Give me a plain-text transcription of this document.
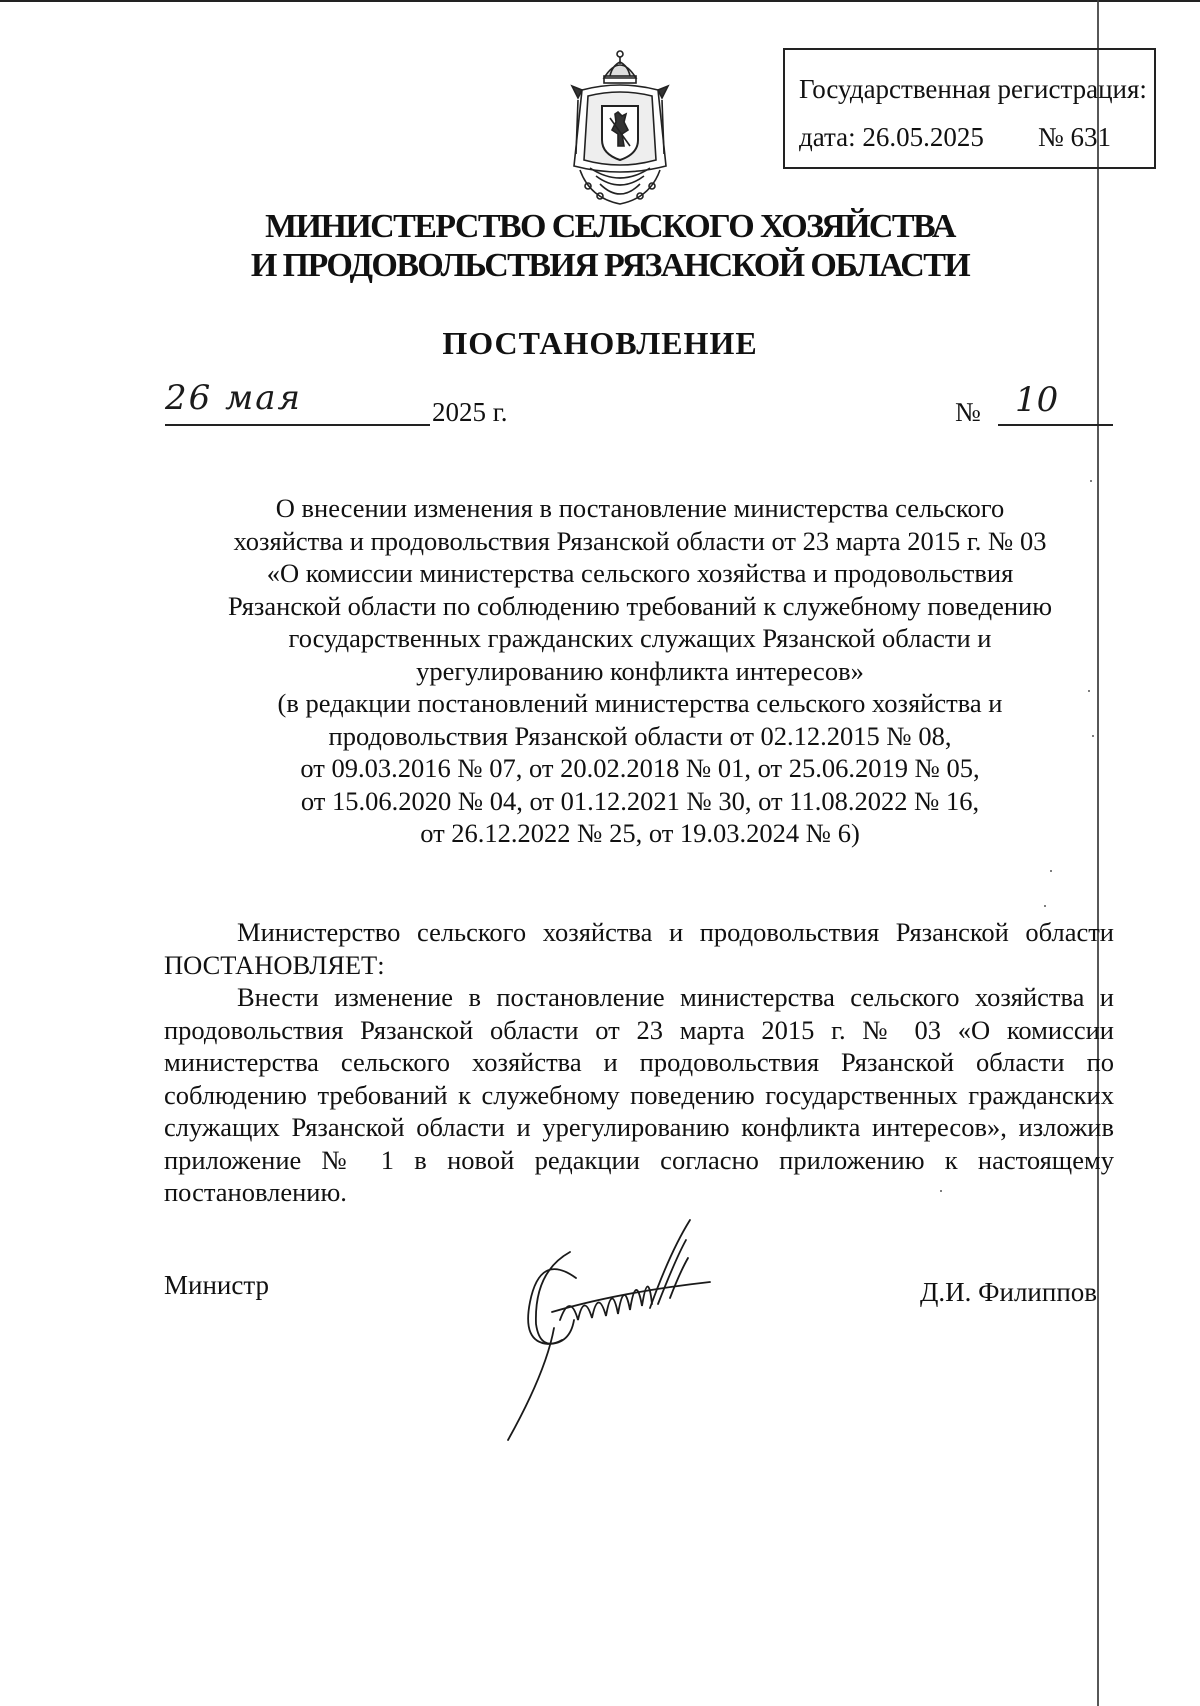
Государственная регистрация:
дата: 26.05.2025 № 631
МИНИСТЕРСТВО СЕЛЬСКОГО ХОЗЯЙСТВА
И ПРОДОВОЛЬСТВИЯ РЯЗАНСКОЙ ОБЛАСТИ
ПОСТАНОВЛЕНИЕ
26 мая	2025 г.	№ 10
О внесении изменения в постановление министерства сельского
хозяйства и продовольствия Рязанской области от 23 марта 2015 г. № 03
«О комиссии министерства сельского хозяйства и продовольствия
Рязанской области по соблюдению требований к служебному поведению
государственных гражданских служащих Рязанской области и
урегулированию конфликта интересов»
(в редакции постановлений министерства сельского хозяйства и
продовольствия Рязанской области от 02.12.2015 № 08,
от 09.03.2016 № 07, от 20.02.2018 № 01, от 25.06.2019 № 05,
от 15.06.2020 № 04, от 01.12.2021 № 30, от 11.08.2022 № 16,
от 26.12.2022 № 25, от 19.03.2024 № 6)

Министерство сельского хозяйства и продовольствия Рязанской области ПОСТАНОВЛЯЕТ:

Внести изменение в постановление министерства сельского хозяйства и продовольствия Рязанской области от 23 марта 2015 г. № 03 «О комиссии министерства сельского хозяйства и продовольствия Рязанской области по соблюдению требований к служебному поведению государственных гражданских служащих Рязанской области и урегулированию конфликта интересов», изложив приложение № 1 в новой редакции согласно приложению к настоящему постановлению.

Министр	Д.И. Филиппов
